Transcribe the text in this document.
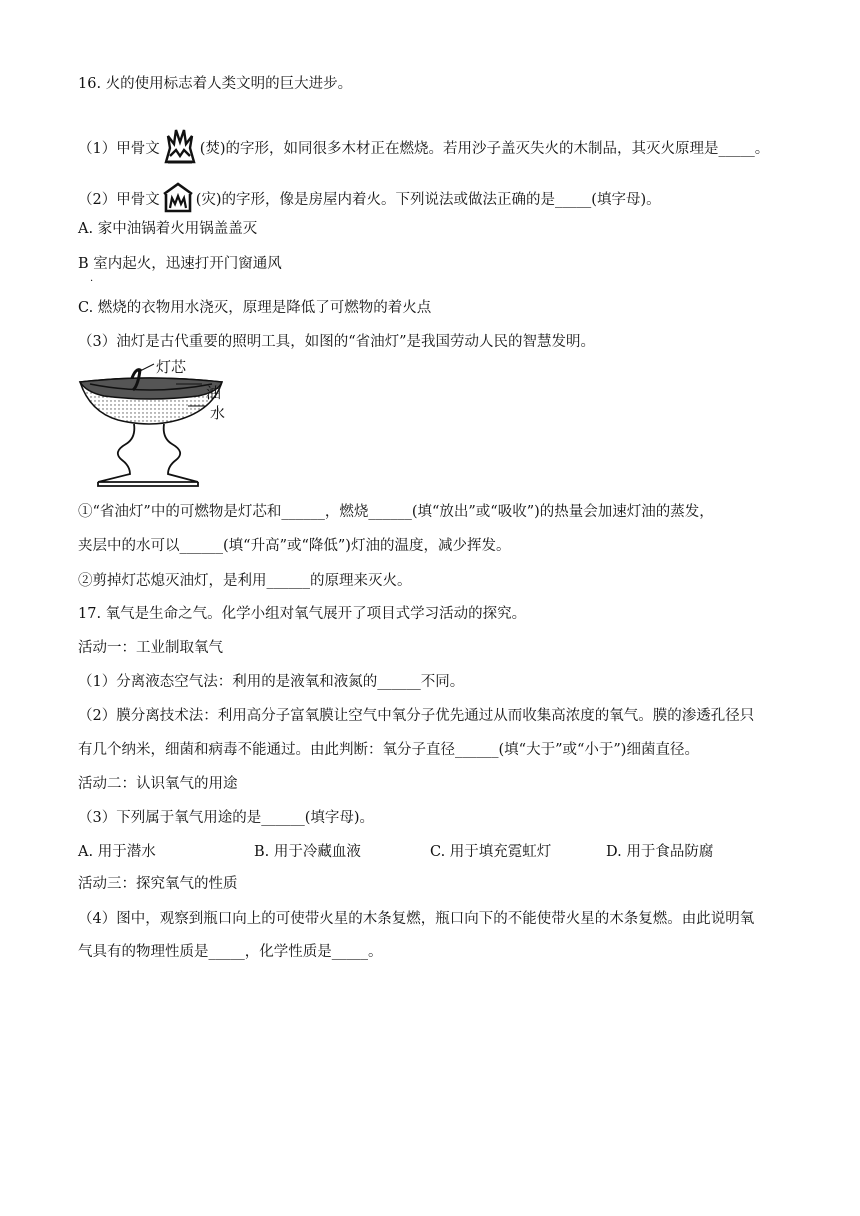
16. 火的使用标志着人类文明的巨大进步。
（1）甲骨文	(焚)的字形，如同很多木材正在燃烧。若用沙子盖灭失火的木制品，其灭火原理是_____。
（2）甲骨文 (灾)的字形，像是房屋内着火。下列说法或做法正确的是_____(填字母)。
A. 家中油锅着火用锅盖盖灭
B 室内起火，迅速打开门窗通风
·
C. 燃烧的衣物用水浇灭，原理是降低了可燃物的着火点
（3）油灯是古代重要的照明工具，如图的“省油灯”是我国劳动人民的智慧发明。
灯芯
油
水
①“省油灯”中的可燃物是灯芯和______，燃烧______(填“放出”或“吸收”)的热量会加速灯油的蒸发，
夹层中的水可以______(填“升高”或“降低”)灯油的温度，减少挥发。
②剪掉灯芯熄灭油灯，是利用______的原理来灭火。
17. 氧气是生命之气。化学小组对氧气展开了项目式学习活动的探究。
活动一：工业制取氧气
（1）分离液态空气法：利用的是液氧和液氮的______不同。
（2）膜分离技术法：利用高分子富氧膜让空气中氧分子优先通过从而收集高浓度的氧气。膜的渗透孔径只
有几个纳米，细菌和病毒不能通过。由此判断：氧分子直径______(填“大于”或“小于”)细菌直径。
活动二：认识氧气的用途
（3）下列属于氧气用途的是______(填字母)。
A. 用于潜水	B. 用于冷藏血液	C. 用于填充霓虹灯	D. 用于食品防腐
活动三：探究氧气的性质
（4）图中，观察到瓶口向上的可使带火星的木条复燃，瓶口向下的不能使带火星的木条复燃。由此说明氧
气具有的物理性质是_____，化学性质是_____。
